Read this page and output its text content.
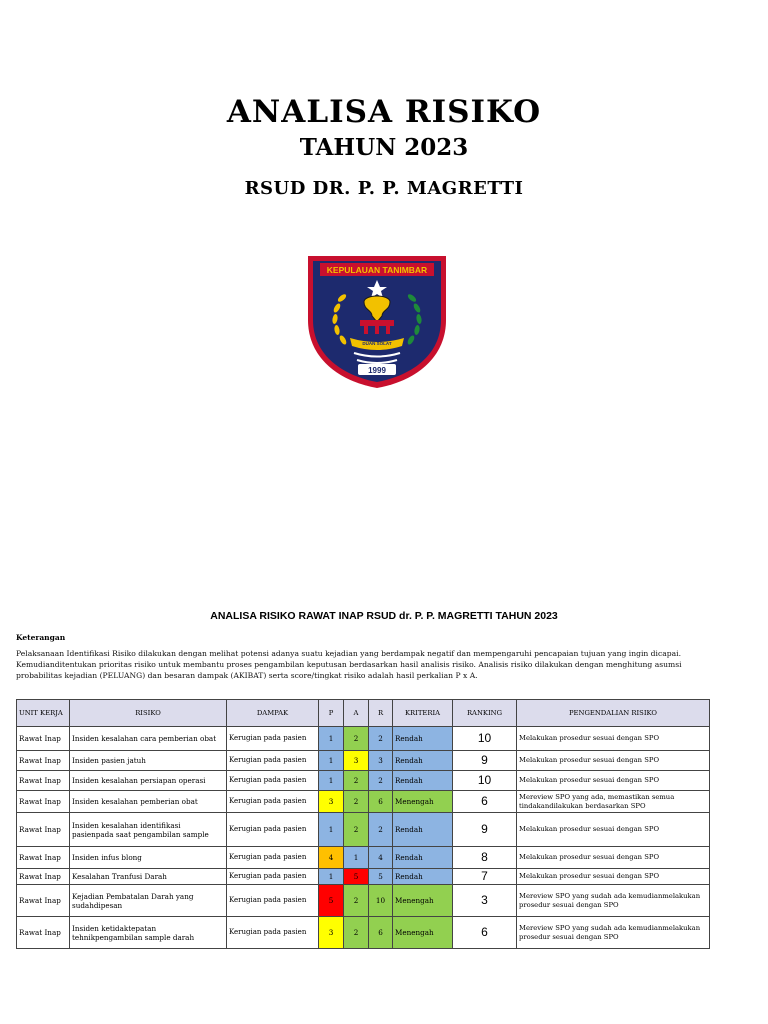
ANALISA RISIKO
TAHUN 2023
RSUD DR. P. P. MAGRETTI
KEPULAUAN TANIMBAR
DUAN SOLAT
1999
ANALISA RISIKO RAWAT INAP RSUD dr. P. P. MAGRETTI TAHUN 2023
Keterangan
Pelaksanaan Identifikasi Risiko dilakukan dengan melihat potensi adanya suatu kejadian yang berdampak negatif dan mempengaruhi pencapaian tujuan yang ingin dicapai. Kemudianditentukan prioritas risiko untuk membantu proses pengambilan keputusan berdasarkan hasil analisis risiko. Analisis risiko dilakukan dengan menghitung asumsi probabilitas kejadian (PELUANG) dan besaran dampak (AKIBAT) serta score/tingkat risiko adalah hasil perkalian P x A.
UNIT KERJA	RISIKO	DAMPAK	P	A	R	KRITERIA	RANKING	PENGENDALIAN RISIKO
Rawat Inap	Insiden kesalahan cara pemberian obat	Kerugian pada pasien	1	2	2	Rendah	10	Melakukan prosedur sesuai dengan SPO
Rawat Inap	Insiden pasien jatuh	Kerugian pada pasien	1	3	3	Rendah	9	Melakukan prosedur sesuai dengan SPO
Rawat Inap	Insiden kesalahan persiapan operasi	Kerugian pada pasien	1	2	2	Rendah	10	Melakukan prosedur sesuai dengan SPO
Rawat Inap	Insiden kesalahan pemberian obat	Kerugian pada pasien	3	2	6	Menengah	6	Mereview SPO yang ada, memastikan semua tindakandilakukan berdasarkan SPO
Rawat Inap	Insiden kesalahan identifikasi pasienpada saat pengambilan sample	Kerugian pada pasien	1	2	2	Rendah	9	Melakukan prosedur sesuai dengan SPO
Rawat Inap	Insiden infus blong	Kerugian pada pasien	4	1	4	Rendah	8	Melakukan prosedur sesuai dengan SPO
Rawat Inap	Kesalahan Tranfusi Darah	Kerugian pada pasien	1	5	5	Rendah	7	Melakukan prosedur sesuai dengan SPO
Rawat Inap	Kejadian Pembatalan Darah yang sudahdipesan	Kerugian pada pasien	5	2	10	Menengah	3	Mereview SPO yang sudah ada kemudianmelakukan prosedur sesuai dengan SPO
Rawat Inap	Insiden ketidaktepatan tehnikpengambilan sample darah	Kerugian pada pasien	3	2	6	Menengah	6	Mereview SPO yang sudah ada kemudianmelakukan prosedur sesuai dengan SPO
